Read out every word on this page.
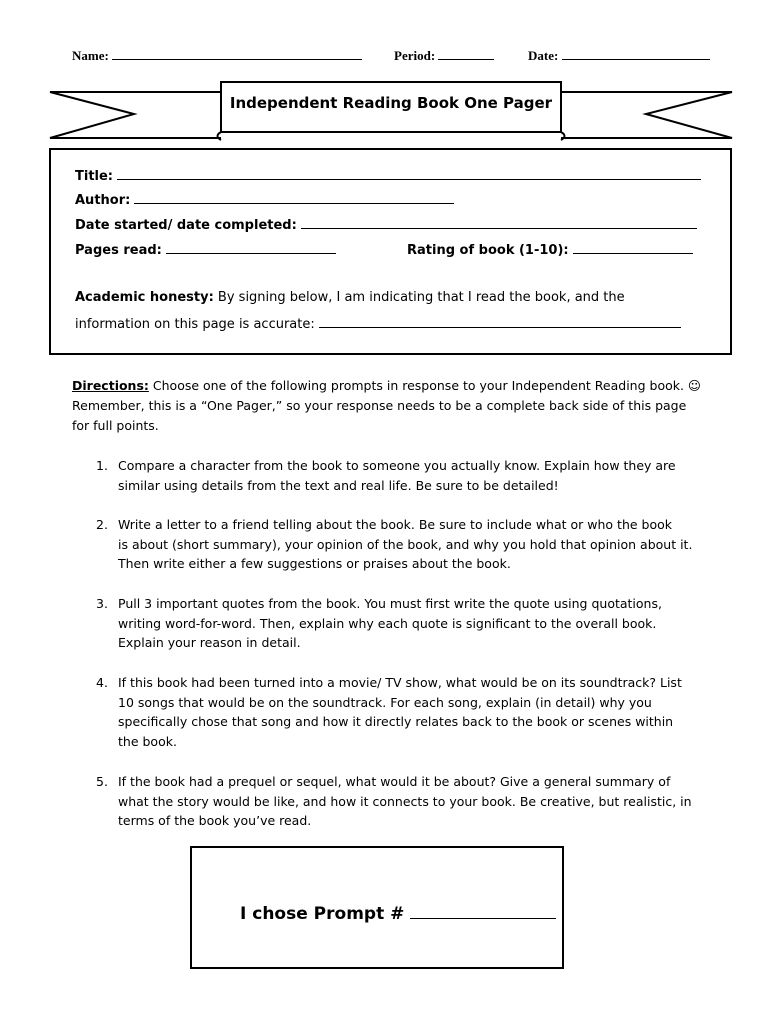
Name:	Period:	Date:
Independent Reading Book One Pager
Title:
Author:
Date started/ date completed:
Pages read:	Rating of book (1-10):
Academic honesty: By signing below, I am indicating that I read the book, and the
information on this page is accurate:
Directions: Choose one of the following prompts in response to your Independent Reading book. ☺
Remember, this is a “One Pager,” so your response needs to be a complete back side of this page
for full points.
1. Compare a character from the book to someone you actually know. Explain how they are
similar using details from the text and real life. Be sure to be detailed!
2. Write a letter to a friend telling about the book. Be sure to include what or who the book
is about (short summary), your opinion of the book, and why you hold that opinion about it.
Then write either a few suggestions or praises about the book.
3. Pull 3 important quotes from the book. You must first write the quote using quotations,
writing word-for-word. Then, explain why each quote is significant to the overall book.
Explain your reason in detail.
4. If this book had been turned into a movie/ TV show, what would be on its soundtrack? List
10 songs that would be on the soundtrack. For each song, explain (in detail) why you
specifically chose that song and how it directly relates back to the book or scenes within
the book.
5. If the book had a prequel or sequel, what would it be about? Give a general summary of
what the story would be like, and how it connects to your book. Be creative, but realistic, in
terms of the book you’ve read.
I chose Prompt #
